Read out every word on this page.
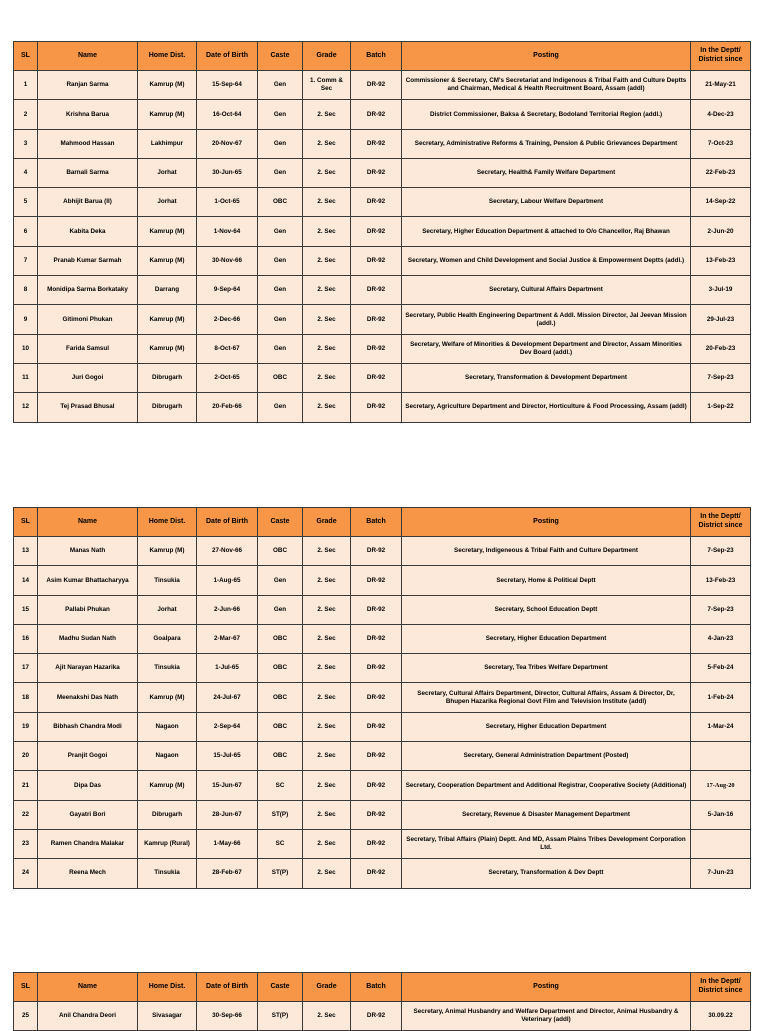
SL	Name	Home Dist.	Date of Birth	Caste	Grade	Batch	Posting	In the Deptt/ District since
1	Ranjan Sarma	Kamrup (M)	15-Sep-64	Gen	1. Comm & Sec	DR-92	Commissioner & Secretary, CM's Secretariat and Indigenous & Tribal Faith and Culture Deptts and Chairman, Medical & Health Recruitment Board, Assam (addl)	21-May-21
2	Krishna Barua	Kamrup (M)	16-Oct-64	Gen	2. Sec	DR-92	District Commissioner, Baksa & Secretary, Bodoland Territorial Region (addl.)	4-Dec-23
3	Mahmood Hassan	Lakhimpur	20-Nov-67	Gen	2. Sec	DR-92	Secretary, Administrative Reforms & Training, Pension & Public Grievances Department	7-Oct-23
4	Barnali Sarma	Jorhat	30-Jun-65	Gen	2. Sec	DR-92	Secretary, Health& Family Welfare Department	22-Feb-23
5	Abhijit Barua (II)	Jorhat	1-Oct-65	OBC	2. Sec	DR-92	Secretary, Labour Welfare Department	14-Sep-22
6	Kabita Deka	Kamrup (M)	1-Nov-64	Gen	2. Sec	DR-92	Secretary, Higher Education Department & attached to O/o Chancellor, Raj Bhawan	2-Jun-20
7	Pranab Kumar Sarmah	Kamrup (M)	30-Nov-66	Gen	2. Sec	DR-92	Secretary, Women and Child Development and Social Justice & Empowerment Deptts (addl.)	13-Feb-23
8	Monidipa Sarma Borkataky	Darrang	9-Sep-64	Gen	2. Sec	DR-92	Secretary, Cultural Affairs Department	3-Jul-19
9	Gitimoni Phukan	Kamrup (M)	2-Dec-66	Gen	2. Sec	DR-92	Secretary, Public Health Engineering Department & Addl. Mission Director, Jal Jeevan Mission (addl.)	29-Jul-23
10	Farida Samsul	Kamrup (M)	8-Oct-67	Gen	2. Sec	DR-92	Secretary, Welfare of Minorities & Development Department and Director, Assam Minorities Dev Board (addl.)	20-Feb-23
11	Juri Gogoi	Dibrugarh	2-Oct-65	OBC	2. Sec	DR-92	Secretary, Transformation & Development Department	7-Sep-23
12	Tej Prasad Bhusal	Dibrugarh	20-Feb-66	Gen	2. Sec	DR-92	Secretary, Agriculture Department and Director, Horticulture & Food Processing, Assam (addl)	1-Sep-22
SL	Name	Home Dist.	Date of Birth	Caste	Grade	Batch	Posting	In the Deptt/ District since
13	Manas Nath	Kamrup (M)	27-Nov-66	OBC	2. Sec	DR-92	Secretary, Indigeneous & Tribal Faith and Culture Department	7-Sep-23
14	Asim Kumar Bhattacharyya	Tinsukia	1-Aug-65	Gen	2. Sec	DR-92	Secretary, Home & Political Deptt	13-Feb-23
15	Pallabi Phukan	Jorhat	2-Jun-66	Gen	2. Sec	DR-92	Secretary, School Education Deptt	7-Sep-23
16	Madhu Sudan Nath	Goalpara	2-Mar-67	OBC	2. Sec	DR-92	Secretary, Higher Education Department	4-Jan-23
17	Ajit Narayan Hazarika	Tinsukia	1-Jul-65	OBC	2. Sec	DR-92	Secretary, Tea Tribes Welfare Department	5-Feb-24
18	Meenakshi Das Nath	Kamrup (M)	24-Jul-67	OBC	2. Sec	DR-92	Secretary, Cultural Affairs Department, Director, Cultural Affairs, Assam & Director, Dr, Bhupen Hazarika Regional Govt Film and Television Institute (addl)	1-Feb-24
19	Bibhash Chandra Modi	Nagaon	2-Sep-64	OBC	2. Sec	DR-92	Secretary, Higher Education Department	1-Mar-24
20	Pranjit Gogoi	Nagaon	15-Jul-65	OBC	2. Sec	DR-92	Secretary, General Administration Department (Posted)	
21	Dipa Das	Kamrup (M)	15-Jun-67	SC	2. Sec	DR-92	Secretary, Cooperation Department and Additional Registrar, Cooperative Society (Additional)	17-Aug-20
22	Gayatri Bori	Dibrugarh	28-Jun-67	ST(P)	2. Sec	DR-92	Secretary, Revenue & Disaster Management Department	5-Jan-16
23	Ramen Chandra Malakar	Kamrup (Rural)	1-May-66	SC	2. Sec	DR-92	Secretary, Tribal Affairs (Plain) Deptt. And MD, Assam Plains Tribes Development Corporation Ltd.	
24	Reena Mech	Tinsukia	28-Feb-67	ST(P)	2. Sec	DR-92	Secretary, Transformation & Dev Deptt	7-Jun-23
SL	Name	Home Dist.	Date of Birth	Caste	Grade	Batch	Posting	In the Deptt/ District since
25	Anil Chandra Deori	Sivasagar	30-Sep-66	ST(P)	2. Sec	DR-92	Secretary, Animal Husbandry and Welfare Department and Director, Animal Husbandry & Veterinary (addl)	30.09.22
